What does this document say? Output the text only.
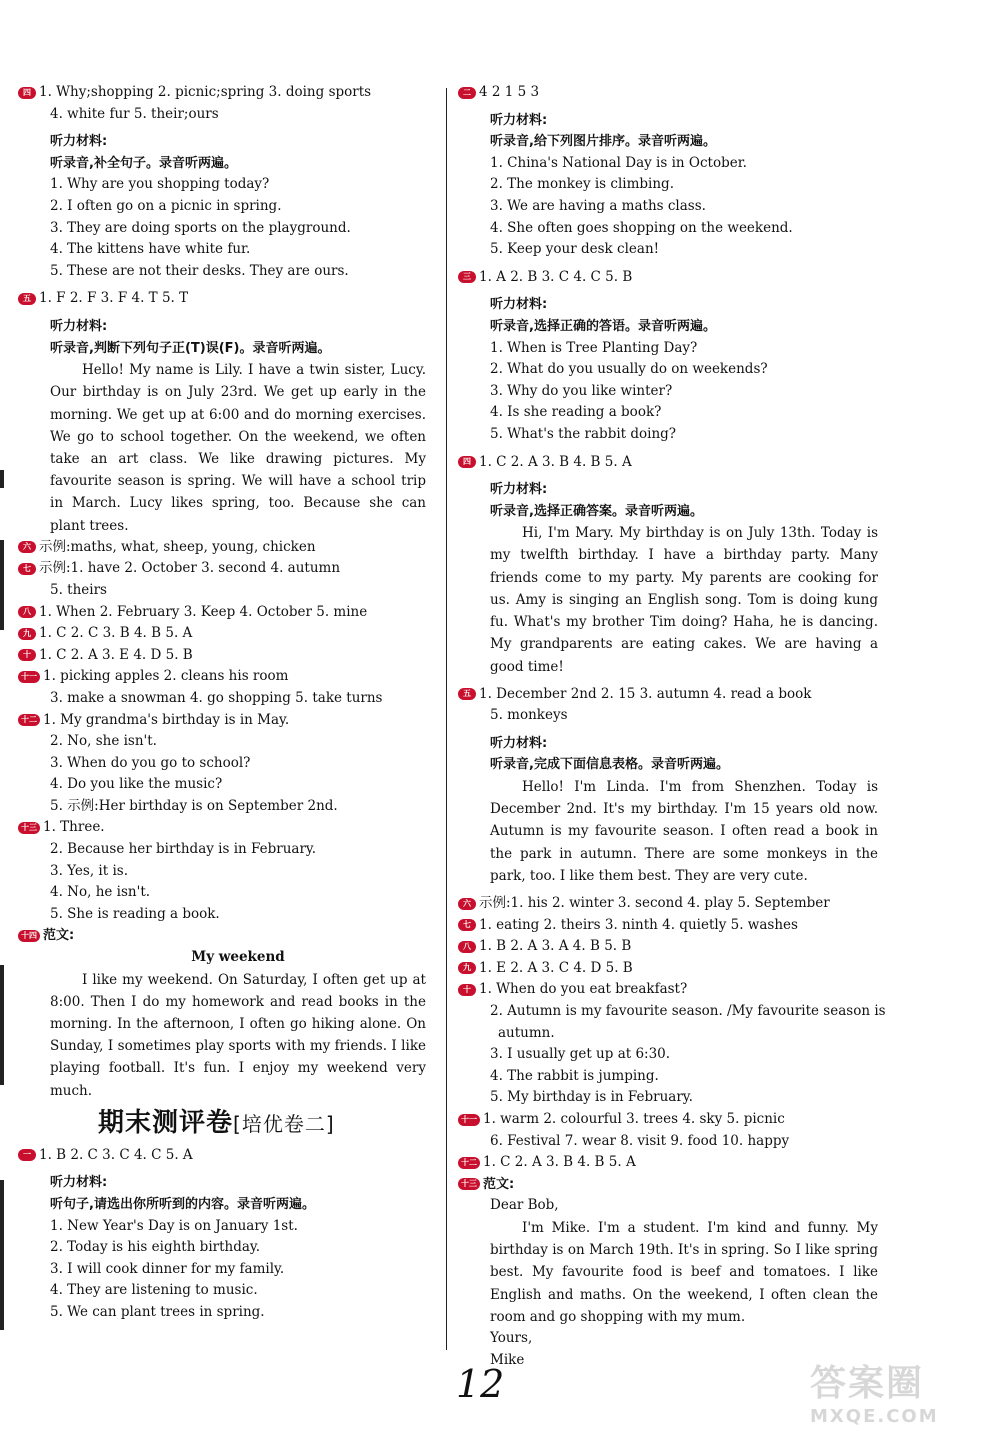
四 1. Why;shopping 2. picnic;spring 3. doing sports
4. white fur 5. their;ours
听力材料:
听录音,补全句子。录音听两遍。
1. Why are you shopping today?
2. I often go on a picnic in spring.
3. They are doing sports on the playground.
4. The kittens have white fur.
5. These are not their desks. They are ours.
五 1. F 2. F 3. F 4. T 5. T
听力材料:
听录音,判断下列句子正(T)误(F)。录音听两遍。

Hello! My name is Lily. I have a twin sister, Lucy. Our birthday is on July 23rd. We get up early in the morning. We get up at 6:00 and do morning exercises. We go to school together. On the weekend, we often take an art class. We like drawing pictures. My favourite season is spring. We will have a school trip in March. Lucy likes spring, too. Because she can plant trees.

六 示例:maths, what, sheep, young, chicken
七 示例:1. have 2. October 3. second 4. autumn
5. theirs
八 1. When 2. February 3. Keep 4. October 5. mine
九 1. C 2. C 3. B 4. B 5. A
十 1. C 2. A 3. E 4. D 5. B
十一 1. picking apples 2. cleans his room
3. make a snowman 4. go shopping 5. take turns
十二 1. My grandma's birthday is in May.
2. No, she isn't.
3. When do you go to school?
4. Do you like the music?
5. 示例:Her birthday is on September 2nd.
十三 1. Three.
2. Because her birthday is in February.
3. Yes, it is.
4. No, he isn't.
5. She is reading a book.
十四 范文:
My weekend

I like my weekend. On Saturday, I often get up at 8:00. Then I do my homework and read books in the morning. In the afternoon, I often go hiking alone. On Sunday, I sometimes play sports with my friends. I like playing football. It's fun. I enjoy my weekend very much.

期末测评卷[培优卷二]
一 1. B 2. C 3. C 4. C 5. A
听力材料:
听句子,请选出你所听到的内容。录音听两遍。
1. New Year's Day is on January 1st.
2. Today is his eighth birthday.
3. I will cook dinner for my family.
4. They are listening to music.
5. We can plant trees in spring.
二 4 2 1 5 3
听力材料:
听录音,给下列图片排序。录音听两遍。
1. China's National Day is in October.
2. The monkey is climbing.
3. We are having a maths class.
4. She often goes shopping on the weekend.
5. Keep your desk clean!
三 1. A 2. B 3. C 4. C 5. B
听力材料:
听录音,选择正确的答语。录音听两遍。
1. When is Tree Planting Day?
2. What do you usually do on weekends?
3. Why do you like winter?
4. Is she reading a book?
5. What's the rabbit doing?
四 1. C 2. A 3. B 4. B 5. A
听力材料:
听录音,选择正确答案。录音听两遍。

Hi, I'm Mary. My birthday is on July 13th. Today is my twelfth birthday. I have a birthday party. Many friends come to my party. My parents are cooking for us. Amy is singing an English song. Tom is doing kung fu. What's my brother Tim doing? Haha, he is dancing. My grandparents are eating cakes. We are having a good time!

五 1. December 2nd 2. 15 3. autumn 4. read a book
5. monkeys
听力材料:
听录音,完成下面信息表格。录音听两遍。

Hello! I'm Linda. I'm from Shenzhen. Today is December 2nd. It's my birthday. I'm 15 years old now. Autumn is my favourite season. I often read a book in the park in autumn. There are some monkeys in the park, too. I like them best. They are very cute.

六 示例:1. his 2. winter 3. second 4. play 5. September
七 1. eating 2. theirs 3. ninth 4. quietly 5. washes
八 1. B 2. A 3. A 4. B 5. B
九 1. E 2. A 3. C 4. D 5. B
十 1. When do you eat breakfast?
2. Autumn is my favourite season. /My favourite season is
autumn.
3. I usually get up at 6:30.
4. The rabbit is jumping.
5. My birthday is in February.
十一 1. warm 2. colourful 3. trees 4. sky 5. picnic
6. Festival 7. wear 8. visit 9. food 10. happy
十二 1. C 2. A 3. B 4. B 5. A
十三 范文:
Dear Bob,

I'm Mike. I'm a student. I'm kind and funny. My birthday is on March 19th. It's in spring. So I like spring best. My favourite food is beef and tomatoes. I like English and maths. On the weekend, I often clean the room and go shopping with my mum.

Yours,
Mike
12	答案圈
MXQE.COM
